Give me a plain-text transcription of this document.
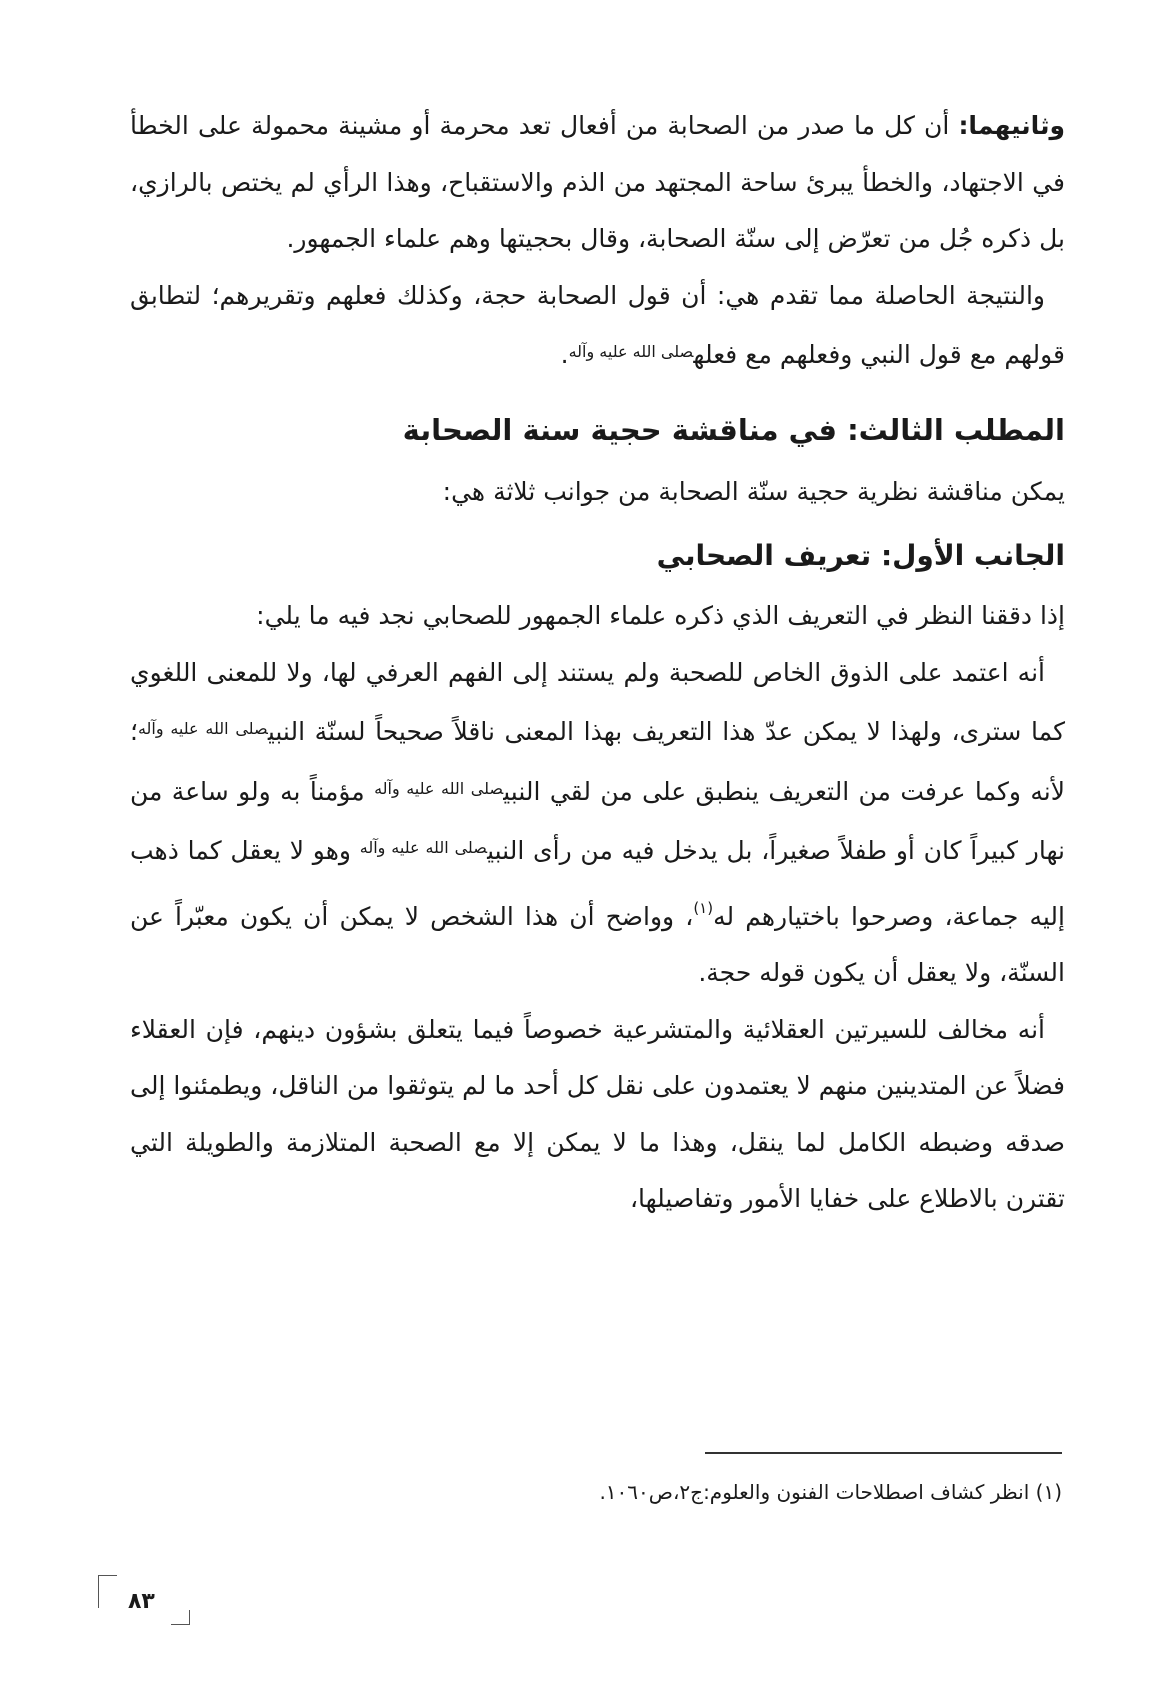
وثانيهما: أن كل ما صدر من الصحابة من أفعال تعد محرمة أو مشينة محمولة على الخطأ في الاجتهاد، والخطأ يبرئ ساحة المجتهد من الذم والاستقباح، وهذا الرأي لم يختص بالرازي، بل ذكره جُل من تعرّض إلى سنّة الصحابة، وقال بحجيتها وهم علماء الجمهور.

والنتيجة الحاصلة مما تقدم هي: أن قول الصحابة حجة، وكذلك فعلهم وتقريرهم؛ لتطابق قولهم مع قول النبي وفعلهم مع فعله$^{صلى الله عليه وآله}$.

المطلب الثالث: في مناقشة حجية سنة الصحابة

يمكن مناقشة نظرية حجية سنّة الصحابة من جوانب ثلاثة هي:

الجانب الأول: تعريف الصحابي

إذا دققنا النظر في التعريف الذي ذكره علماء الجمهور للصحابي نجد فيه ما يلي:

أنه اعتمد على الذوق الخاص للصحبة ولم يستند إلى الفهم العرفي لها، ولا للمعنى اللغوي كما سترى، ولهذا لا يمكن عدّ هذا التعريف بهذا المعنى ناقلاً صحيحاً لسنّة النبي$^{صلى الله عليه وآله}$؛ لأنه وكما عرفت من التعريف ينطبق على من لقي النبي$^{صلى الله عليه وآله}$ مؤمناً به ولو ساعة من نهار كبيراً كان أو طفلاً صغيراً، بل يدخل فيه من رأى النبي$^{صلى الله عليه وآله}$ وهو لا يعقل كما ذهب إليه جماعة، وصرحوا باختيارهم له$^{(١)}$، وواضح أن هذا الشخص لا يمكن أن يكون معبّراً عن السنّة، ولا يعقل أن يكون قوله حجة.

أنه مخالف للسيرتين العقلائية والمتشرعية خصوصاً فيما يتعلق بشؤون دينهم، فإن العقلاء فضلاً عن المتدينين منهم لا يعتمدون على نقل كل أحد ما لم يتوثقوا من الناقل، ويطمئنوا إلى صدقه وضبطه الكامل لما ينقل، وهذا ما لا يمكن إلا مع الصحبة المتلازمة والطويلة التي تقترن بالاطلاع على خفايا الأمور وتفاصيلها،

(١) انظر كشاف اصطلاحات الفنون والعلوم:ج٢،ص١٠٦٠.

٨٣
